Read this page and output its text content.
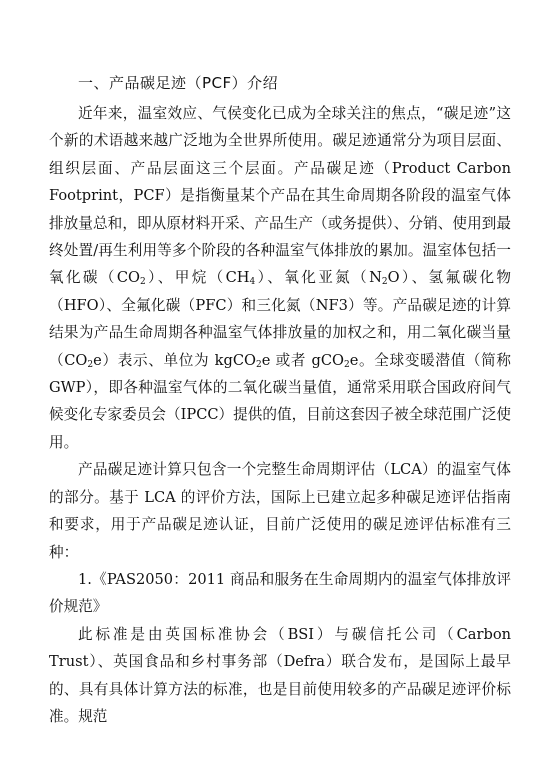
一、产品碳足迹（PCF）介绍

近年来，温室效应、气侯变化已成为全球关注的焦点，“碳足迹”这个新的术语越来越广泛地为全世界所使用。碳足迹通常分为项目层面、组织层面、产品层面这三个层面。产品碳足迹（Product Carbon Footprint，PCF）是指衡量某个产品在其生命周期各阶段的温室气体排放量总和，即从原材料开采、产品生产（或务提供）、分销、使用到最终处置/再生利用等多个阶段的各种温室气体排放的累加。温室体包括一氧化碳$(CO_2)$、甲烷$(CH_4)$、氧化亚氮$(N_2O)$、氢氟碳化物（HFO）、全氟化碳（PFC）和三化氮（NF3）等。产品碳足迹的计算结果为产品生命周期各种温室气体排放量的加权之和，用二氧化碳当量$(CO_2e)$表示、单位为 kgCO$_2$e 或者 gCO$_2$e。全球变暖潜值（简称 GWP），即各种温室气体的二氧化碳当量值，通常采用联合国政府间气候变化专家委员会（IPCC）提供的值，目前这套因子被全球范围广泛使用。

产品碳足迹计算只包含一个完整生命周期评估（LCA）的温室气体的部分。基于 LCA 的评价方法，国际上已建立起多种碳足迹评估指南和要求，用于产品碳足迹认证，目前广泛使用的碳足迹评估标准有三种：

1.《PAS2050：2011 商品和服务在生命周期内的温室气体排放评价规范》

此标准是由英国标准协会（BSI）与碳信托公司（Carbon Trust）、英国食品和乡村事务部（Defra）联合发布，是国际上最早的、具有具体计算方法的标准，也是目前使用较多的产品碳足迹评价标准。规范
